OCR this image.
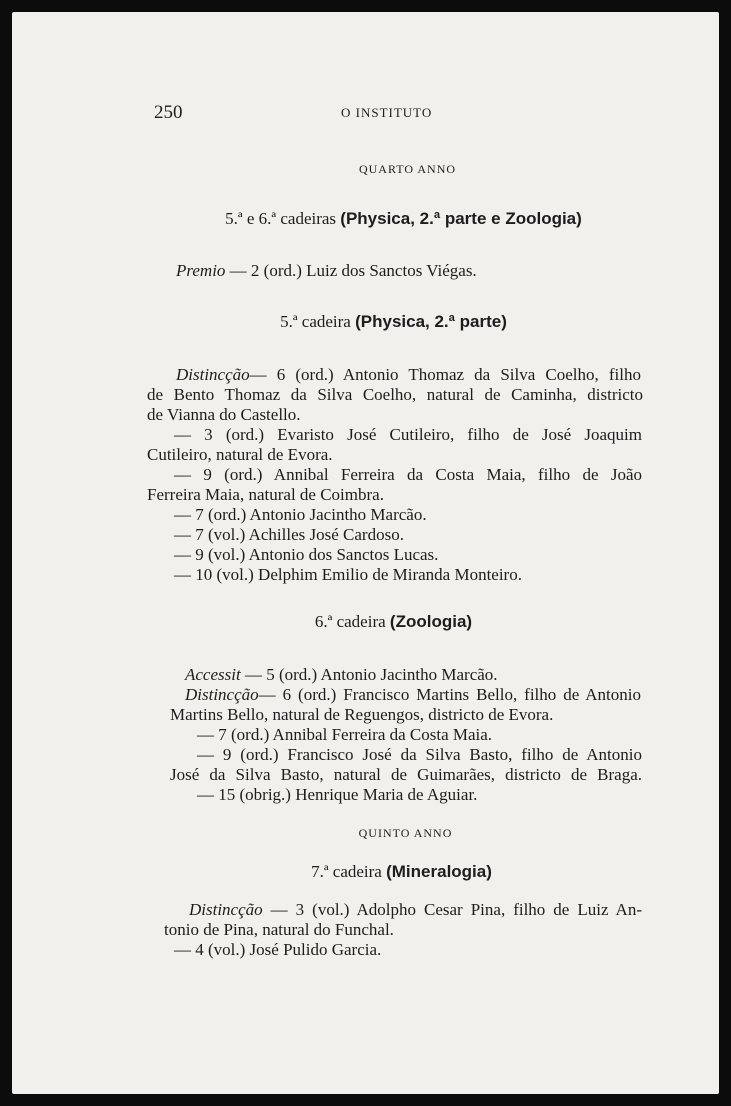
250	O INSTITUTO
QUARTO ANNO
5.ª e 6.ª cadeiras (Physica, 2.ª parte e Zoologia)
Premio — 2 (ord.) Luiz dos Sanctos Viégas.
5.ª cadeira (Physica, 2.ª parte)
Distincção— 6 (ord.) Antonio Thomaz da Silva Coelho, filho
de Bento Thomaz da Silva Coelho, natural de Caminha, districto
de Vianna do Castello.
— 3 (ord.) Evaristo José Cutileiro, filho de José Joaquim
Cutileiro, natural de Evora.
— 9 (ord.) Annibal Ferreira da Costa Maia, filho de João
Ferreira Maia, natural de Coimbra.
— 7 (ord.) Antonio Jacintho Marcão.
— 7 (vol.) Achilles José Cardoso.
— 9 (vol.) Antonio dos Sanctos Lucas.
— 10 (vol.) Delphim Emilio de Miranda Monteiro.
6.ª cadeira (Zoologia)
Accessit — 5 (ord.) Antonio Jacintho Marcão.
Distincção— 6 (ord.) Francisco Martins Bello, filho de Antonio
Martins Bello, natural de Reguengos, districto de Evora.
— 7 (ord.) Annibal Ferreira da Costa Maia.
— 9 (ord.) Francisco José da Silva Basto, filho de Antonio
José da Silva Basto, natural de Guimarães, districto de Braga.
— 15 (obrig.) Henrique Maria de Aguiar.
QUINTO ANNO
7.ª cadeira (Mineralogia)
Distincção — 3 (vol.) Adolpho Cesar Pina, filho de Luiz An-
tonio de Pina, natural do Funchal.
— 4 (vol.) José Pulido Garcia.
